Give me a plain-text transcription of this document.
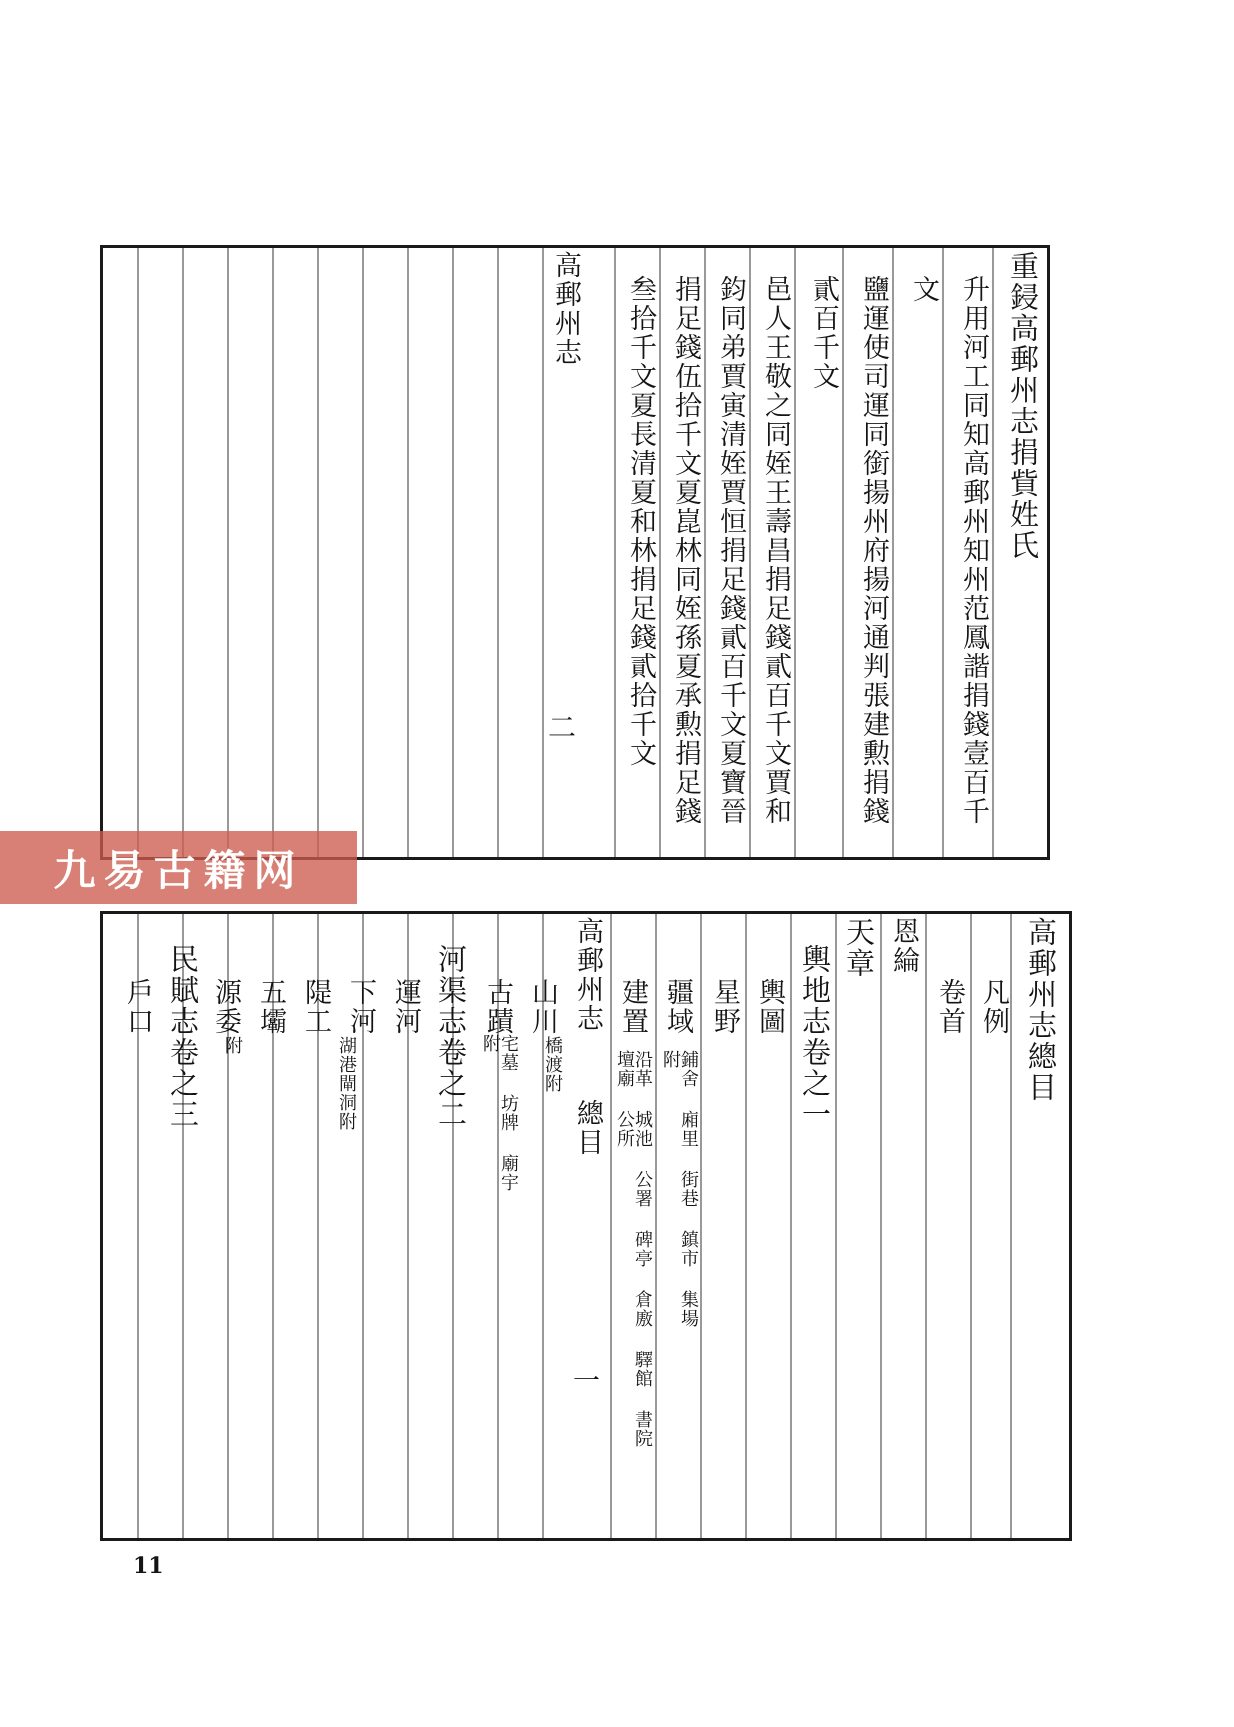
重鋟高郵州志捐貲姓氏
升用河工同知高郵州知州范鳳諧捐錢壹百千
文
鹽運使司運同銜揚州府揚河通判張建勲捐錢
貳百千文
邑人王敬之同姪王壽昌捐足錢貳百千文賈和
鈞同弟賈寅清姪賈恒捐足錢貳百千文夏寶晉
捐足錢伍拾千文夏崑林同姪孫夏承勲捐足錢
叁拾千文夏長清夏和林捐足錢貳拾千文
高郵州志
二
高郵州志總目
凡例
卷首
恩綸
天章
輿地志卷之一
輿圖
星野
疆域
鋪舍 廂里 街巷 鎮市 集場附
建置
沿革 城池 公署 碑亭 倉廒 驛館 書院 壇廟 公所
高郵州志
總目
一
山川
橋渡附
古蹟
宅墓 坊牌 廟宇附
河渠志卷之二
運河
下河
隄工
湖港閘洞附
五壩
源委
附
民賦志卷之三
戶口
九易古籍网
11
